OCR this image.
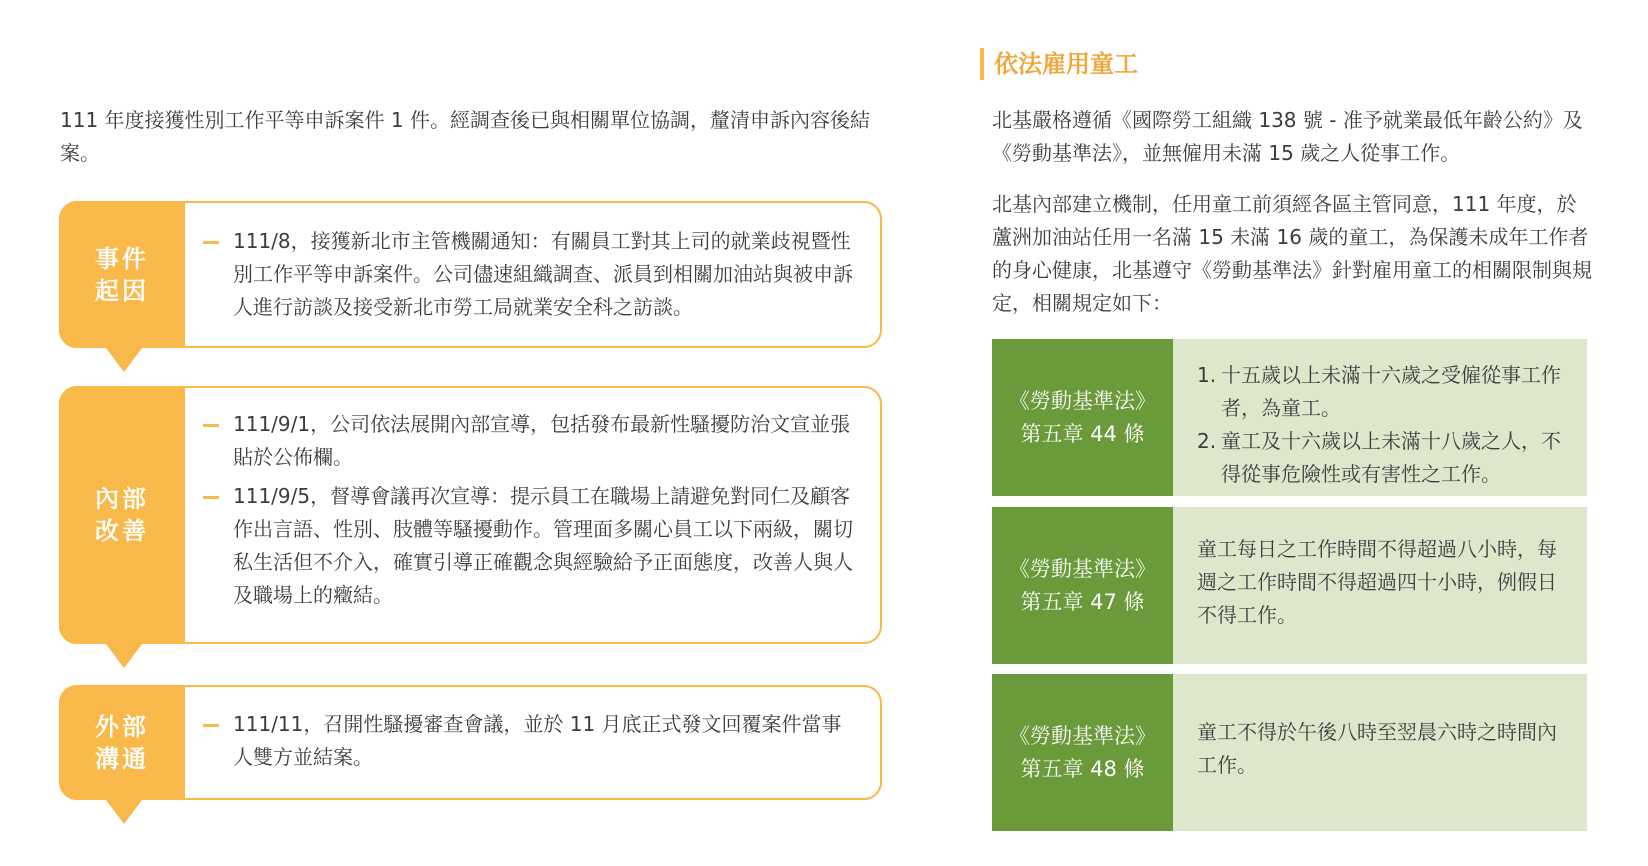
111 年度接獲性別工作平等申訴案件 1 件。經調查後已與相關單位協調，釐清申訴內容後結案。

事件起因

111/8，接獲新北市主管機關通知：有關員工對其上司的就業歧視暨性別工作平等申訴案件。公司儘速組織調查、派員到相關加油站與被申訴人進行訪談及接受新北市勞工局就業安全科之訪談。

內部改善

111/9/1，公司依法展開內部宣導，包括發布最新性騷擾防治文宣並張貼於公佈欄。

111/9/5，督導會議再次宣導：提示員工在職場上請避免對同仁及顧客作出言語、性別、肢體等騷擾動作。管理面多關心員工以下兩級，關切私生活但不介入，確實引導正確觀念與經驗給予正面態度，改善人與人及職場上的癥結。

外部溝通

111/11，召開性騷擾審查會議，並於 11 月底正式發文回覆案件當事人雙方並結案。

依法雇用童工

北基嚴格遵循《國際勞工組織 138 號 - 准予就業最低年齡公約》及《勞動基準法》，並無僱用未滿 15 歲之人從事工作。

北基內部建立機制，任用童工前須經各區主管同意，111 年度，於蘆洲加油站任用一名滿 15 未滿 16 歲的童工，為保護未成年工作者的身心健康，北基遵守《勞動基準法》針對雇用童工的相關限制與規定，相關規定如下：

《勞動基準法》
第五章 44 條
1. 十五歲以上未滿十六歲之受僱從事工作者，為童工。
2. 童工及十六歲以上未滿十八歲之人，不得從事危險性或有害性之工作。
《勞動基準法》
第五章 47 條
童工每日之工作時間不得超過八小時，每週之工作時間不得超過四十小時，例假日不得工作。
《勞動基準法》
第五章 48 條
童工不得於午後八時至翌晨六時之時間內工作。
